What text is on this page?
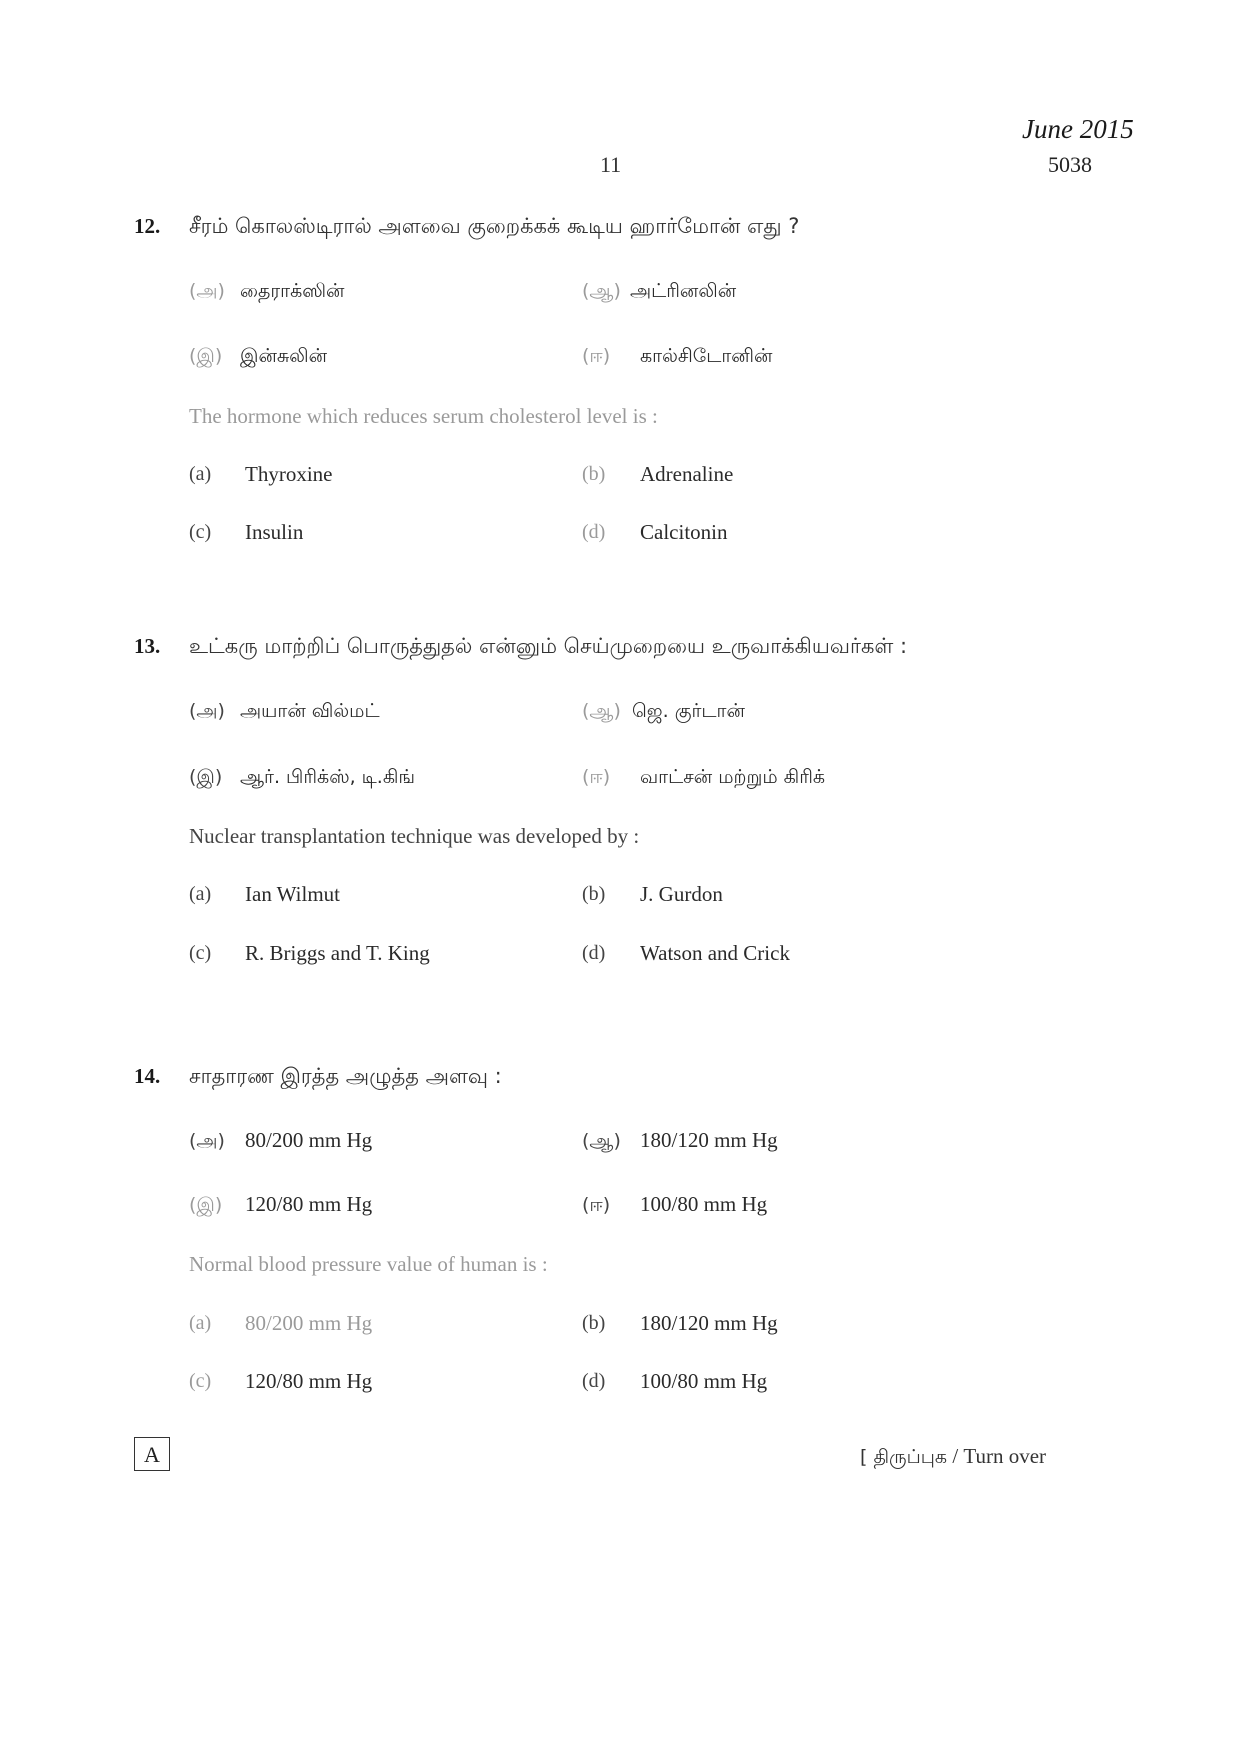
June 2015
11	5038
12. சீரம் கொலஸ்டிரால் அளவை குறைக்கக் கூடிய ஹார்மோன் எது ?
(அ) தைராக்ஸின்	(ஆ) அட்ரினலின்
(இ) இன்சுலின்	(ஈ) கால்சிடோனின்
The hormone which reduces serum cholesterol level is :
(a) Thyroxine	(b) Adrenaline
(c) Insulin	(d) Calcitonin
13. உட்கரு மாற்றிப் பொருத்துதல் என்னும் செய்முறையை உருவாக்கியவர்கள் :
(அ) அயான் வில்மட்	(ஆ) ஜெ. குர்டான்
(இ) ஆர். பிரிக்ஸ், டி.கிங்	(ஈ) வாட்சன் மற்றும் கிரிக்
Nuclear transplantation technique was developed by :
(a) Ian Wilmut	(b) J. Gurdon
(c) R. Briggs and T. King	(d) Watson and Crick
14. சாதாரண இரத்த அழுத்த அளவு :
(அ) 80/200 mm Hg	(ஆ) 180/120 mm Hg
(இ) 120/80 mm Hg	(ஈ) 100/80 mm Hg
Normal blood pressure value of human is :
(a) 80/200 mm Hg	(b) 180/120 mm Hg
(c) 120/80 mm Hg	(d) 100/80 mm Hg
A	[ திருப்புக / Turn over
